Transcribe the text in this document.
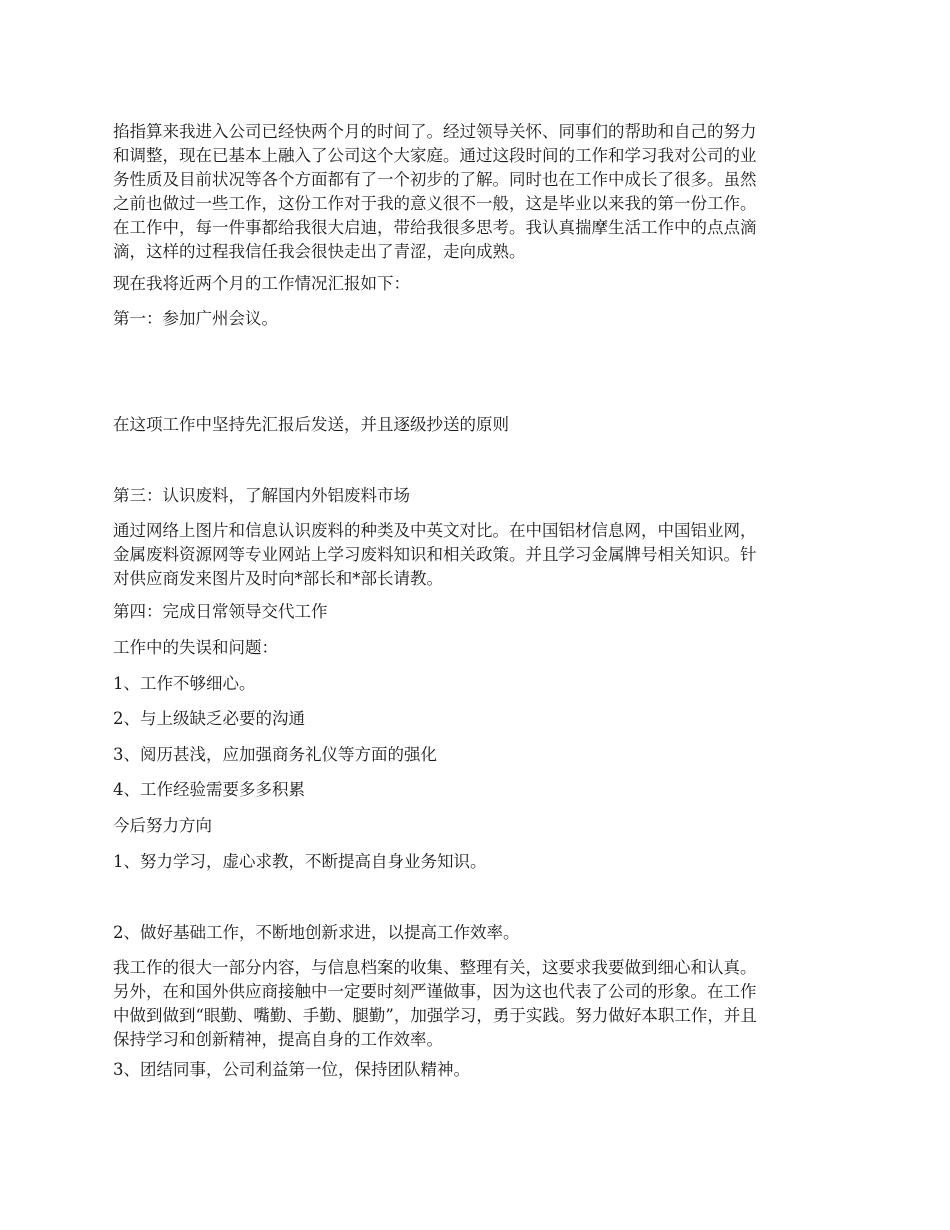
掐指算来我进入公司已经快两个月的时间了。经过领导关怀、同事们的帮助和自己的努力
和调整，现在已基本上融入了公司这个大家庭。通过这段时间的工作和学习我对公司的业
务性质及目前状况等各个方面都有了一个初步的了解。同时也在工作中成长了很多。虽然
之前也做过一些工作，这份工作对于我的意义很不一般，这是毕业以来我的第一份工作。
在工作中，每一件事都给我很大启迪，带给我很多思考。我认真揣摩生活工作中的点点滴
滴，这样的过程我信任我会很快走出了青涩，走向成熟。

现在我将近两个月的工作情况汇报如下：

第一：参加广州会议。

在这项工作中坚持先汇报后发送，并且逐级抄送的原则

第三：认识废料，了解国内外铝废料市场

通过网络上图片和信息认识废料的种类及中英文对比。在中国铝材信息网，中国铝业网，
金属废料资源网等专业网站上学习废料知识和相关政策。并且学习金属牌号相关知识。针
对供应商发来图片及时向*部长和*部长请教。

第四：完成日常领导交代工作

工作中的失误和问题：

1、工作不够细心。

2、与上级缺乏必要的沟通

3、阅历甚浅，应加强商务礼仪等方面的强化

4、工作经验需要多多积累

今后努力方向

1、努力学习，虚心求教，不断提高自身业务知识。

2、做好基础工作，不断地创新求进，以提高工作效率。

我工作的很大一部分内容，与信息档案的收集、整理有关，这要求我要做到细心和认真。
另外，在和国外供应商接触中一定要时刻严谨做事，因为这也代表了公司的形象。在工作
中做到做到“眼勤、嘴勤、手勤、腿勤”，加强学习，勇于实践。努力做好本职工作，并且
保持学习和创新精神，提高自身的工作效率。

3、团结同事，公司利益第一位，保持团队精神。
